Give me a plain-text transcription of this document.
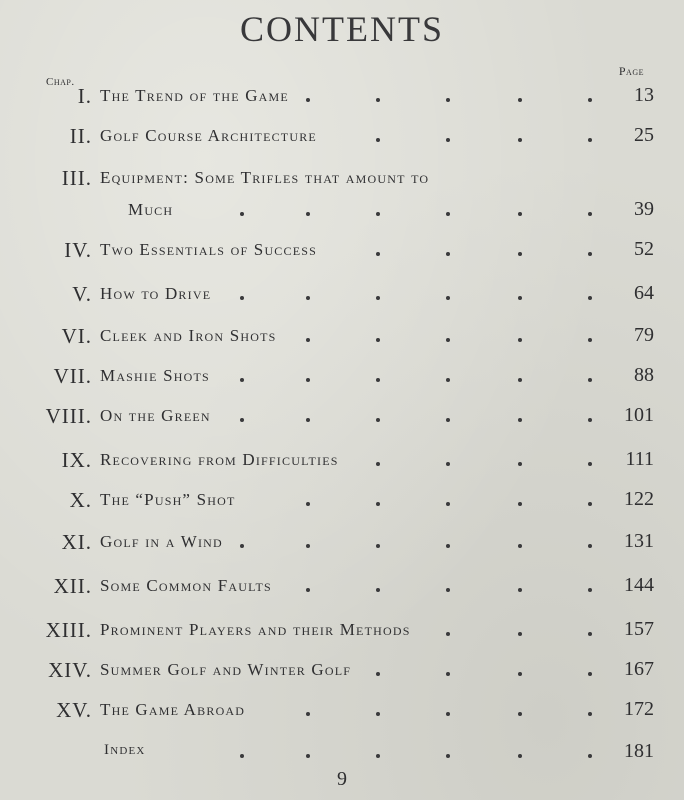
CONTENTS
Chap.
Page
I. The Trend of the Game	13
II. Golf Course Architecture	25
III. Equipment: Some Trifles that amount to
Much	39
IV. Two Essentials of Success	52
V. How to Drive	64
VI. Cleek and Iron Shots	79
VII. Mashie Shots	88
VIII. On the Green	101
IX. Recovering from Difficulties	111
X. The “Push” Shot	122
XI. Golf in a Wind	131
XII. Some Common Faults	144
XIII. Prominent Players and their Methods	157
XIV. Summer Golf and Winter Golf	167
XV. The Game Abroad	172
Index	181
9
